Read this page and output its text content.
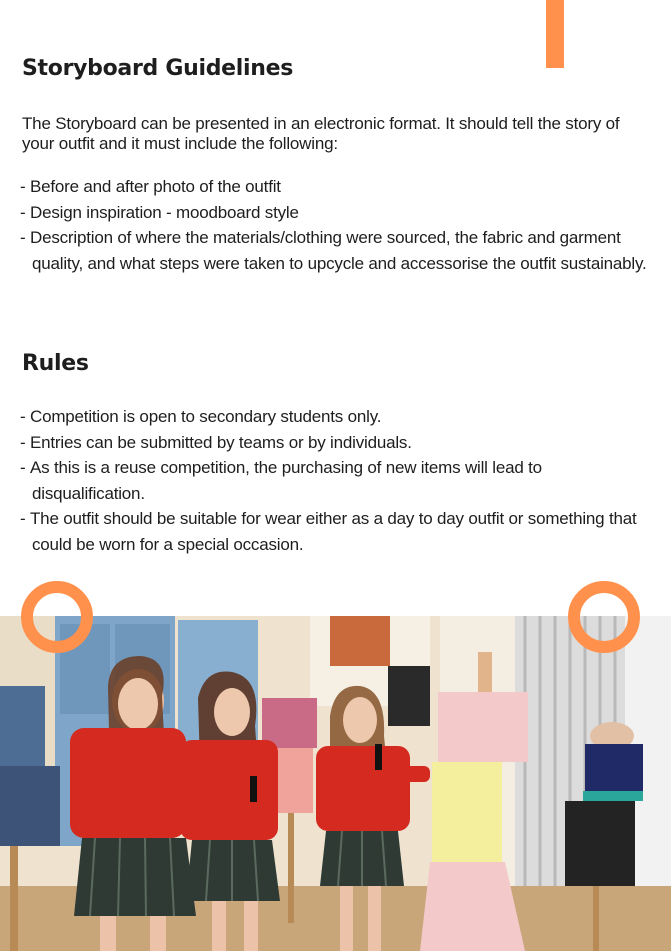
Storyboard Guidelines

The Storyboard can be presented in an electronic format. It should tell the story of your outfit and it must include the following:

- Before and after photo of the outfit
- Design inspiration - moodboard style
- Description of where the materials/clothing were sourced, the fabric and garment quality, and what steps were taken to upcycle and accessorise the outfit sustainably.
Rules
- Competition is open to secondary students only.
- Entries can be submitted by teams or by individuals.
- As this is a reuse competition, the purchasing of new items will lead to disqualification.
- The outfit should be suitable for wear either as a day to day outfit or something that could be worn for a special occasion.
